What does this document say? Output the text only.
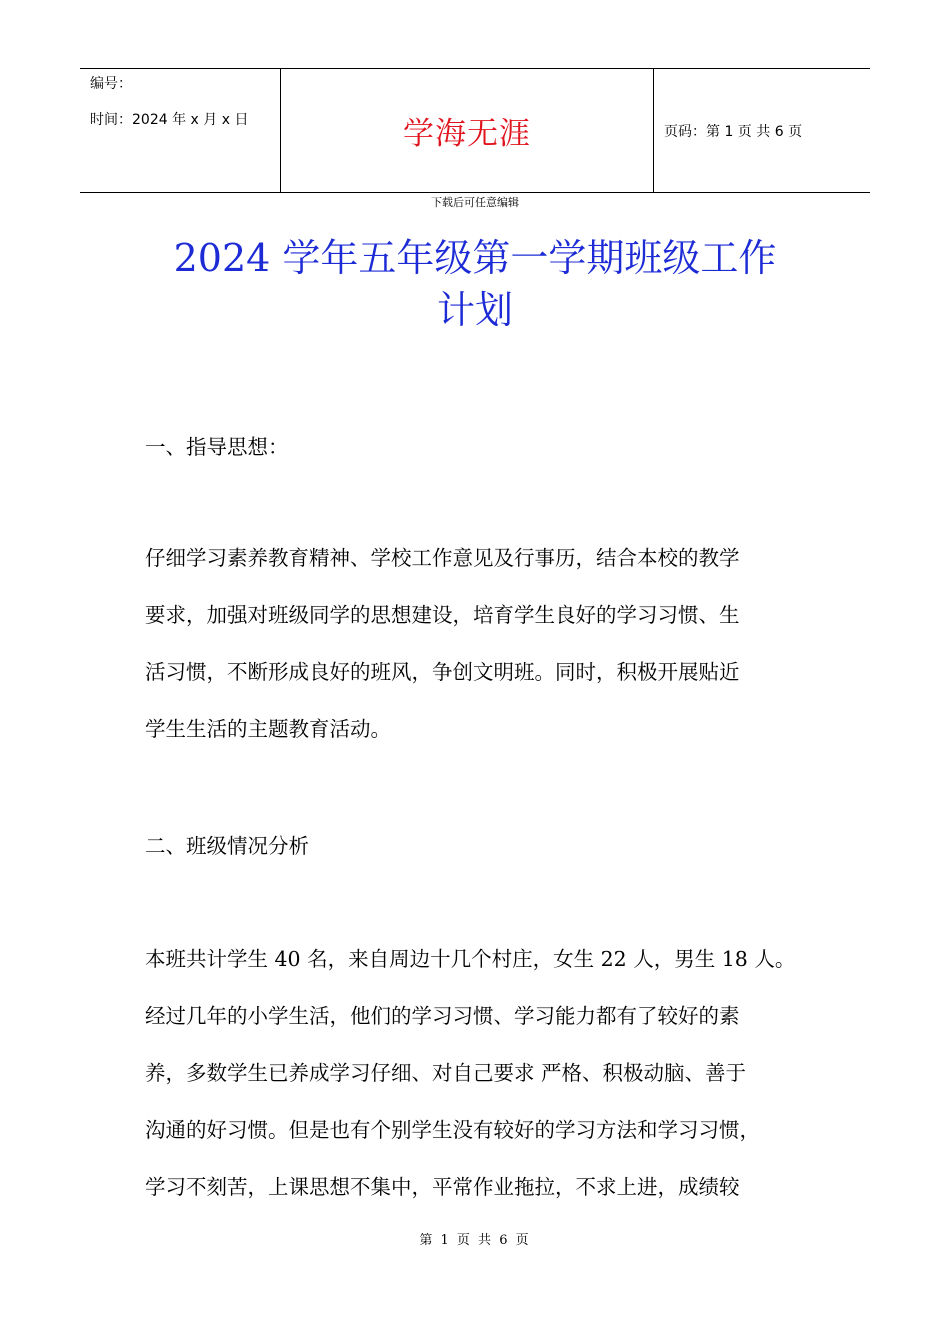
编号：
时间：2024 年 x 月 x 日	学海无涯	页码：第 1 页 共 6 页
下载后可任意编辑
2024 学年五年级第一学期班级工作
计划
一、指导思想：
仔细学习素养教育精神、学校工作意见及行事历，结合本校的教学
要求，加强对班级同学的思想建设，培育学生良好的学习习惯、生
活习惯，不断形成良好的班风，争创文明班。同时，积极开展贴近
学生生活的主题教育活动。
二、班级情况分析
本班共计学生 40 名，来自周边十几个村庄，女生 22 人，男生 18 人。
经过几年的小学生活，他们的学习习惯、学习能力都有了较好的素
养，多数学生已养成学习仔细、对自己要求 严格、积极动脑、善于
沟通的好习惯。但是也有个别学生没有较好的学习方法和学习习惯，
学习不刻苦，上课思想不集中，平常作业拖拉，不求上进，成绩较
第 1 页 共 6 页
